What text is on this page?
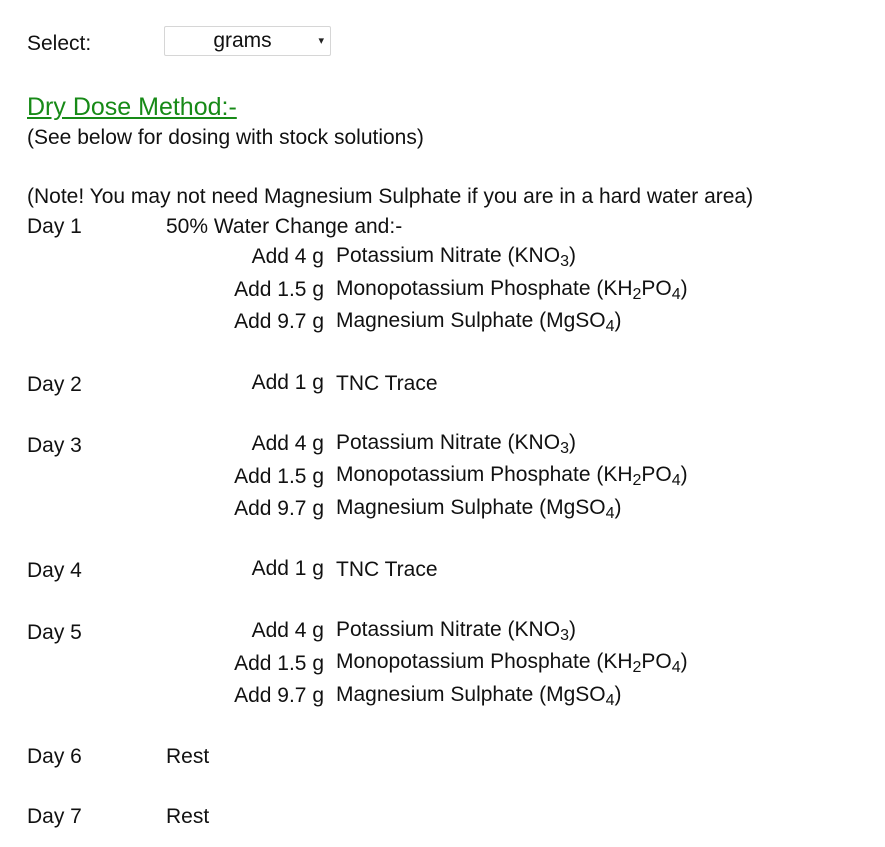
Select:	grams	▾
Dry Dose Method:-
(See below for dosing with stock solutions)
(Note! You may not need Magnesium Sulphate if you are in a hard water area)
Day 1	50% Water Change and:-
Add 4 g Potassium Nitrate $(KNO_3)$
Add 1.5 g Monopotassium Phosphate $(KH_2PO_4)$
Add 9.7 g Magnesium Sulphate (MgSO$_4$)
Day 2	Add 1 g TNC Trace
Day 3	Add 4 g Potassium Nitrate $(KNO_3)$
Add 1.5 g Monopotassium Phosphate $(KH_2PO_4)$
Add 9.7 g Magnesium Sulphate (MgSO$_4$)
Day 4	Add 1 g TNC Trace
Day 5	Add 4 g Potassium Nitrate $(KNO_3)$
Add 1.5 g Monopotassium Phosphate $(KH_2PO_4)$
Add 9.7 g Magnesium Sulphate (MgSO$_4$)
Day 6	Rest
Day 7	Rest
